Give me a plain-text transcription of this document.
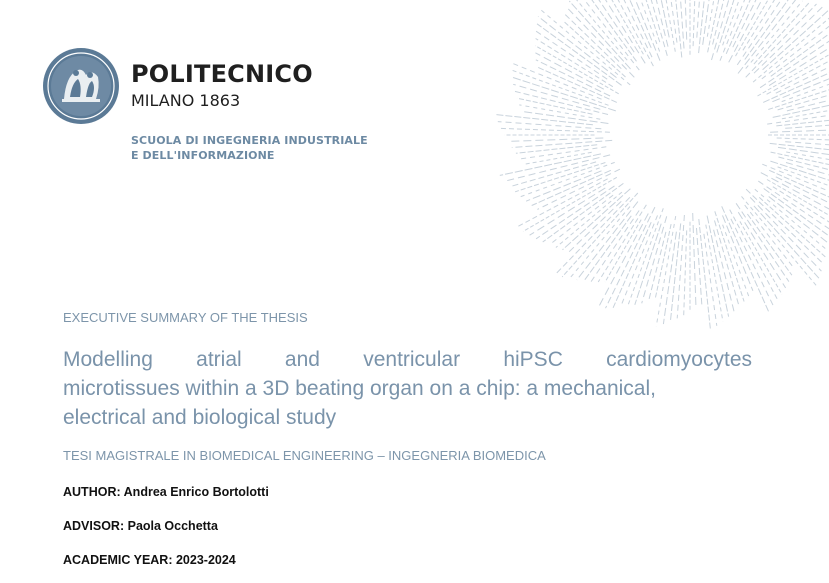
POLITECNICO
MILANO 1863
SCUOLA DI INGEGNERIA INDUSTRIALE
E DELL'INFORMAZIONE
EXECUTIVE SUMMARY OF THE THESIS
Modelling atrial and ventricular hiPSC cardiomyocytes
microtissues within a 3D beating organ on a chip: a mechanical,
electrical and biological study
TESI MAGISTRALE IN BIOMEDICAL ENGINEERING – INGEGNERIA BIOMEDICA
AUTHOR: Andrea Enrico Bortolotti
ADVISOR: Paola Occhetta
ACADEMIC YEAR: 2023-2024
